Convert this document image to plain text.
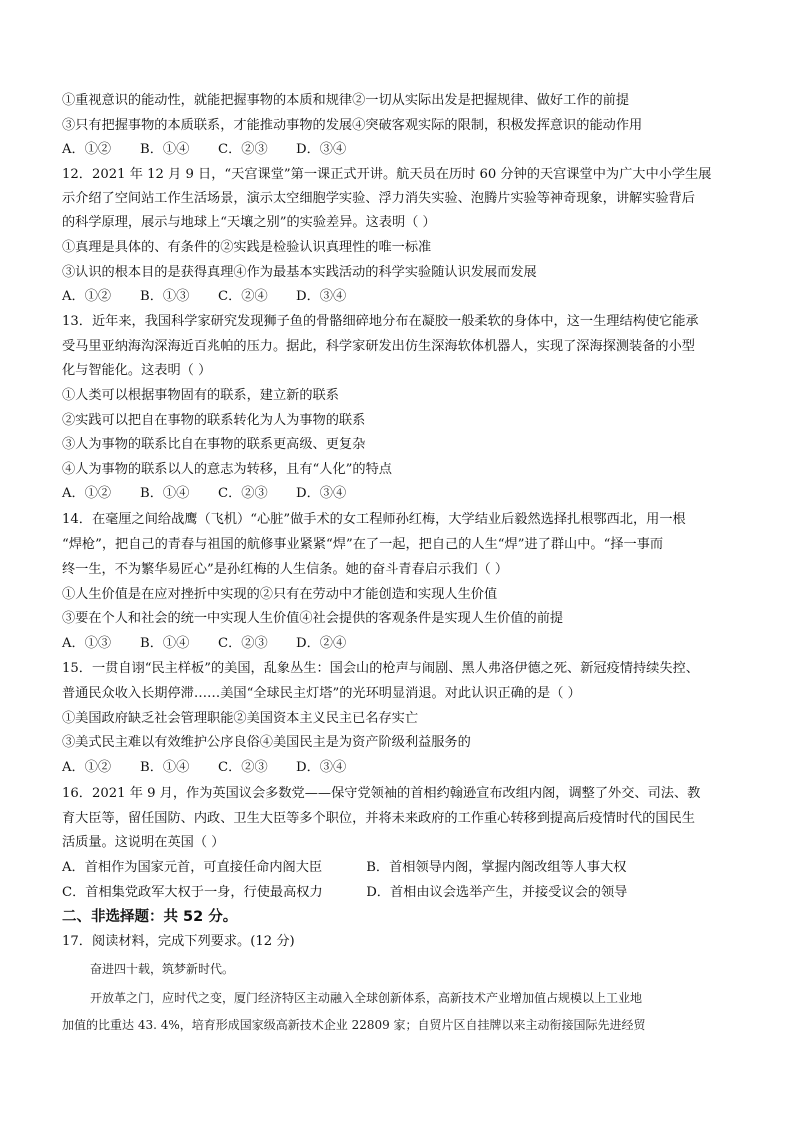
①重视意识的能动性，就能把握事物的本质和规律②一切从实际出发是把握规律、做好工作的前提
③只有把握事物的本质联系，才能推动事物的发展④突破客观实际的限制，积极发挥意识的能动作用
A．①②	B．①④	C．②③	D．③④
12．2021 年 12 月 9 日，“天宫课堂”第一课正式开讲。航天员在历时 60 分钟的天宫课堂中为广大中小学生展
示介绍了空间站工作生活场景，演示太空细胞学实验、浮力消失实验、泡腾片实验等神奇现象，讲解实验背后
的科学原理，展示与地球上“天壤之别”的实验差异。这表明（ ）
①真理是具体的、有条件的②实践是检验认识真理性的唯一标准
③认识的根本目的是获得真理④作为最基本实践活动的科学实验随认识发展而发展
A．①②	B．①③	C．②④	D．③④
13．近年来，我国科学家研究发现狮子鱼的骨骼细碎地分布在凝胶一般柔软的身体中，这一生理结构使它能承
受马里亚纳海沟深海近百兆帕的压力。据此，科学家研发出仿生深海软体机器人，实现了深海探测装备的小型
化与智能化。这表明（ ）
①人类可以根据事物固有的联系，建立新的联系
②实践可以把自在事物的联系转化为人为事物的联系
③人为事物的联系比自在事物的联系更高级、更复杂
④人为事物的联系以人的意志为转移，且有“人化”的特点
A．①②	B．①④	C．②③	D．③④
14．在毫厘之间给战鹰（飞机）“心脏”做手术的女工程师孙红梅，大学结业后毅然选择扎根鄂西北，用一根
“焊枪”，把自己的青春与祖国的航修事业紧紧“焊”在了一起，把自己的人生“焊”进了群山中。“择一事而
终一生，不为繁华易匠心”是孙红梅的人生信条。她的奋斗青春启示我们（ ）
①人生价值是在应对挫折中实现的②只有在劳动中才能创造和实现人生价值
③要在个人和社会的统一中实现人生价值④社会提供的客观条件是实现人生价值的前提
A．①③	B．①④	C．②③	D．②④
15．一贯自诩“民主样板”的美国，乱象丛生：国会山的枪声与闹剧、黑人弗洛伊德之死、新冠疫情持续失控、
普通民众收入长期停滞……美国“全球民主灯塔”的光环明显消退。对此认识正确的是（ ）
①美国政府缺乏社会管理职能②美国资本主义民主已名存实亡
③美式民主难以有效维护公序良俗④美国民主是为资产阶级利益服务的
A．①②	B．①④	C．②③	D．③④
16．2021 年 9 月，作为英国议会多数党——保守党领袖的首相约翰逊宣布改组内阁，调整了外交、司法、教
育大臣等，留任国防、内政、卫生大臣等多个职位，并将未来政府的工作重心转移到提高后疫情时代的国民生
活质量。这说明在英国（ ）
A．首相作为国家元首，可直接任命内阁大臣	B．首相领导内阁，掌握内阁改组等人事大权
C．首相集党政军大权于一身，行使最高权力	D．首相由议会选举产生，并接受议会的领导
二、非选择题：共 52 分。
17．阅读材料，完成下列要求。(12 分)
奋进四十载，筑梦新时代。
开放革之门，应时代之变，厦门经济特区主动融入全球创新体系，高新技术产业增加值占规模以上工业地
加值的比重达 43. 4%，培育形成国家级高新技术企业 22809 家；自贸片区自挂牌以来主动衔接国际先进经贸
